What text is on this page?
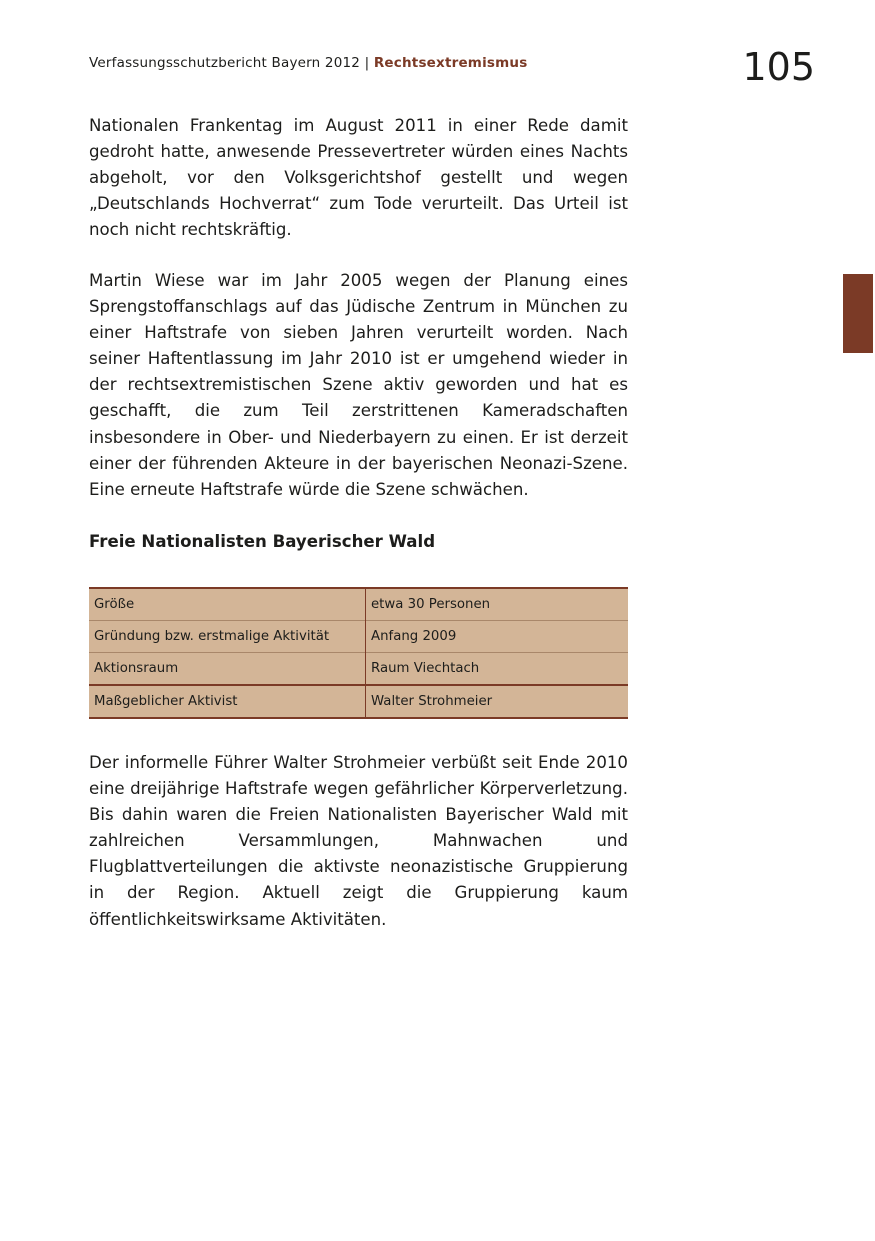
Verfassungsschutzbericht Bayern 2012 | Rechtsextremismus	105

Nationalen Frankentag im August 2011 in einer Rede damit gedroht hatte, anwesende Pressevertreter würden eines Nachts abgeholt, vor den Volksgerichtshof gestellt und wegen „Deutschlands Hochverrat“ zum Tode verurteilt. Das Urteil ist noch nicht rechtskräftig.

Martin Wiese war im Jahr 2005 wegen der Planung eines Sprengstoffanschlags auf das Jüdische Zentrum in München zu einer Haftstrafe von sieben Jahren verurteilt worden. Nach seiner Haftentlassung im Jahr 2010 ist er umgehend wieder in der rechtsextremistischen Szene aktiv geworden und hat es geschafft, die zum Teil zerstrittenen Kameradschaften insbesondere in Ober- und Niederbayern zu einen. Er ist derzeit einer der führenden Akteure in der bayerischen Neonazi-Szene. Eine erneute Haftstrafe würde die Szene schwächen.

Freie Nationalisten Bayerischer Wald
Größe	etwa 30 Personen
Gründung bzw. erstmalige Aktivität	Anfang 2009
Aktionsraum	Raum Viechtach
Maßgeblicher Aktivist	Walter Strohmeier

Der informelle Führer Walter Strohmeier verbüßt seit Ende 2010 eine dreijährige Haftstrafe wegen gefährlicher Körperverletzung. Bis dahin waren die Freien Nationalisten Bayerischer Wald mit zahlreichen Versammlungen, Mahnwachen und Flugblattverteilungen die aktivste neonazistische Gruppierung in der Region. Aktuell zeigt die Gruppierung kaum öffentlichkeitswirksame Aktivitäten.
